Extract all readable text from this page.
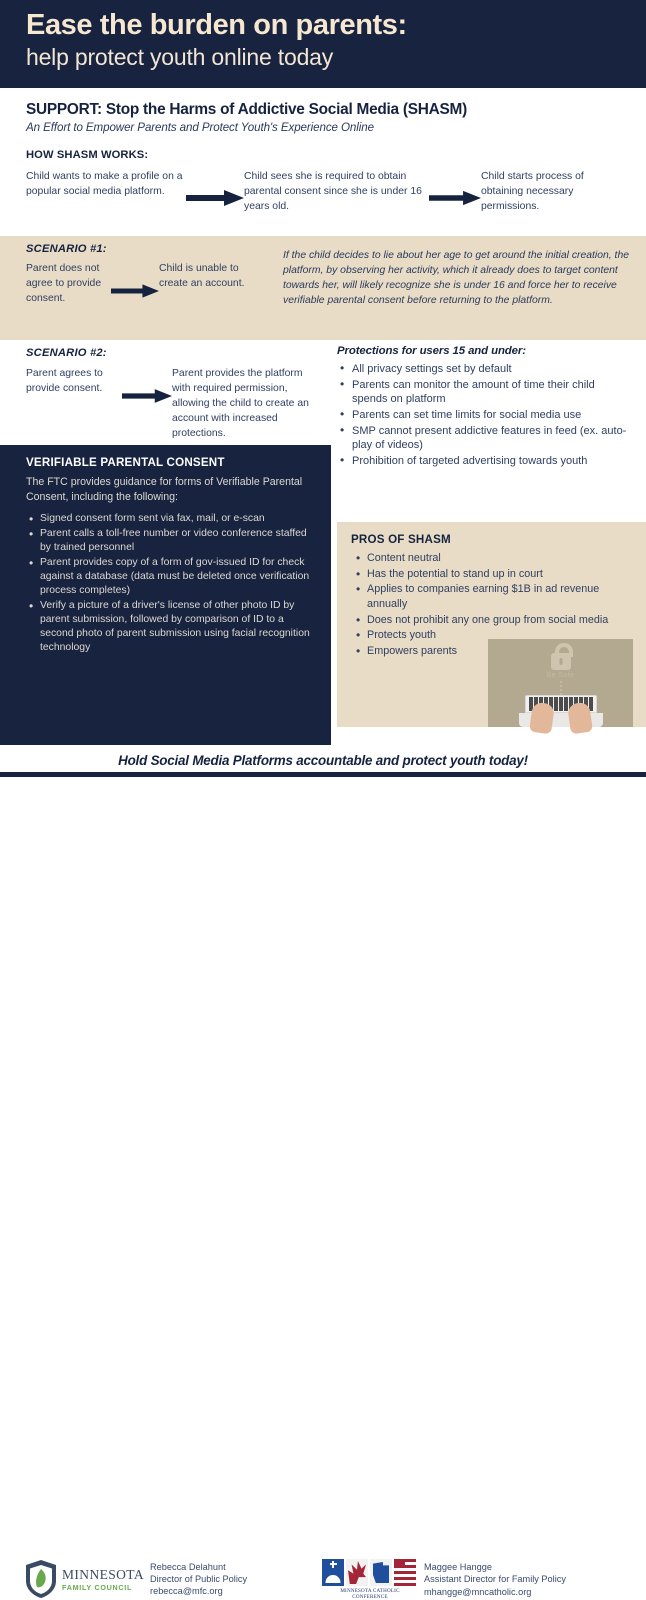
Ease the burden on parents:
help protect youth online today
SUPPORT: Stop the Harms of Addictive Social Media (SHASM)
An Effort to Empower Parents and Protect Youth's Experience Online
HOW SHASM WORKS:
Child wants to make a profile on a popular social media platform.
Child sees she is required to obtain parental consent since she is under 16 years old.
Child starts process of obtaining necessary permissions.
SCENARIO #1:
Parent does not agree to provide consent.
Child is unable to create an account.
If the child decides to lie about her age to get around the initial creation, the platform, by observing her activity, which it already does to target content towards her, will likely recognize she is under 16 and force her to receive verifiable parental consent before returning to the platform.
SCENARIO #2:
Parent agrees to provide consent.
Parent provides the platform with required permission, allowing the child to create an account with increased protections.
Protections for users 15 and under:
• All privacy settings set by default
• Parents can monitor the amount of time their child spends on platform
• Parents can set time limits for social media use
• SMP cannot present addictive features in feed (ex. auto-play of videos)
• Prohibition of targeted advertising towards youth
VERIFIABLE PARENTAL CONSENT
The FTC provides guidance for forms of Verifiable Parental Consent, including the following:
• Signed consent form sent via fax, mail, or e-scan
• Parent calls a toll-free number or video conference staffed by trained personnel
• Parent provides copy of a form of gov-issued ID for check against a database (data must be deleted once verification process completes)
• Verify a picture of a driver's license of other photo ID by parent submission, followed by comparison of ID to a second photo of parent submission using facial recognition technology
PROS OF SHASM
• Content neutral
• Has the potential to stand up in court
• Applies to companies earning $1B in ad revenue annually
• Does not prohibit any one group from social media
• Protects youth
• Empowers parents
Be Safe
Hold Social Media Platforms accountable and protect youth today!
MINNESOTA
FAMILY COUNCIL
Rebecca Delahunt
Director of Public Policy
rebecca@mfc.org	MINNESOTA CATHOLIC CONFERENCE
Maggee Hangge
Assistant Director for Family Policy
mhangge@mncatholic.org
